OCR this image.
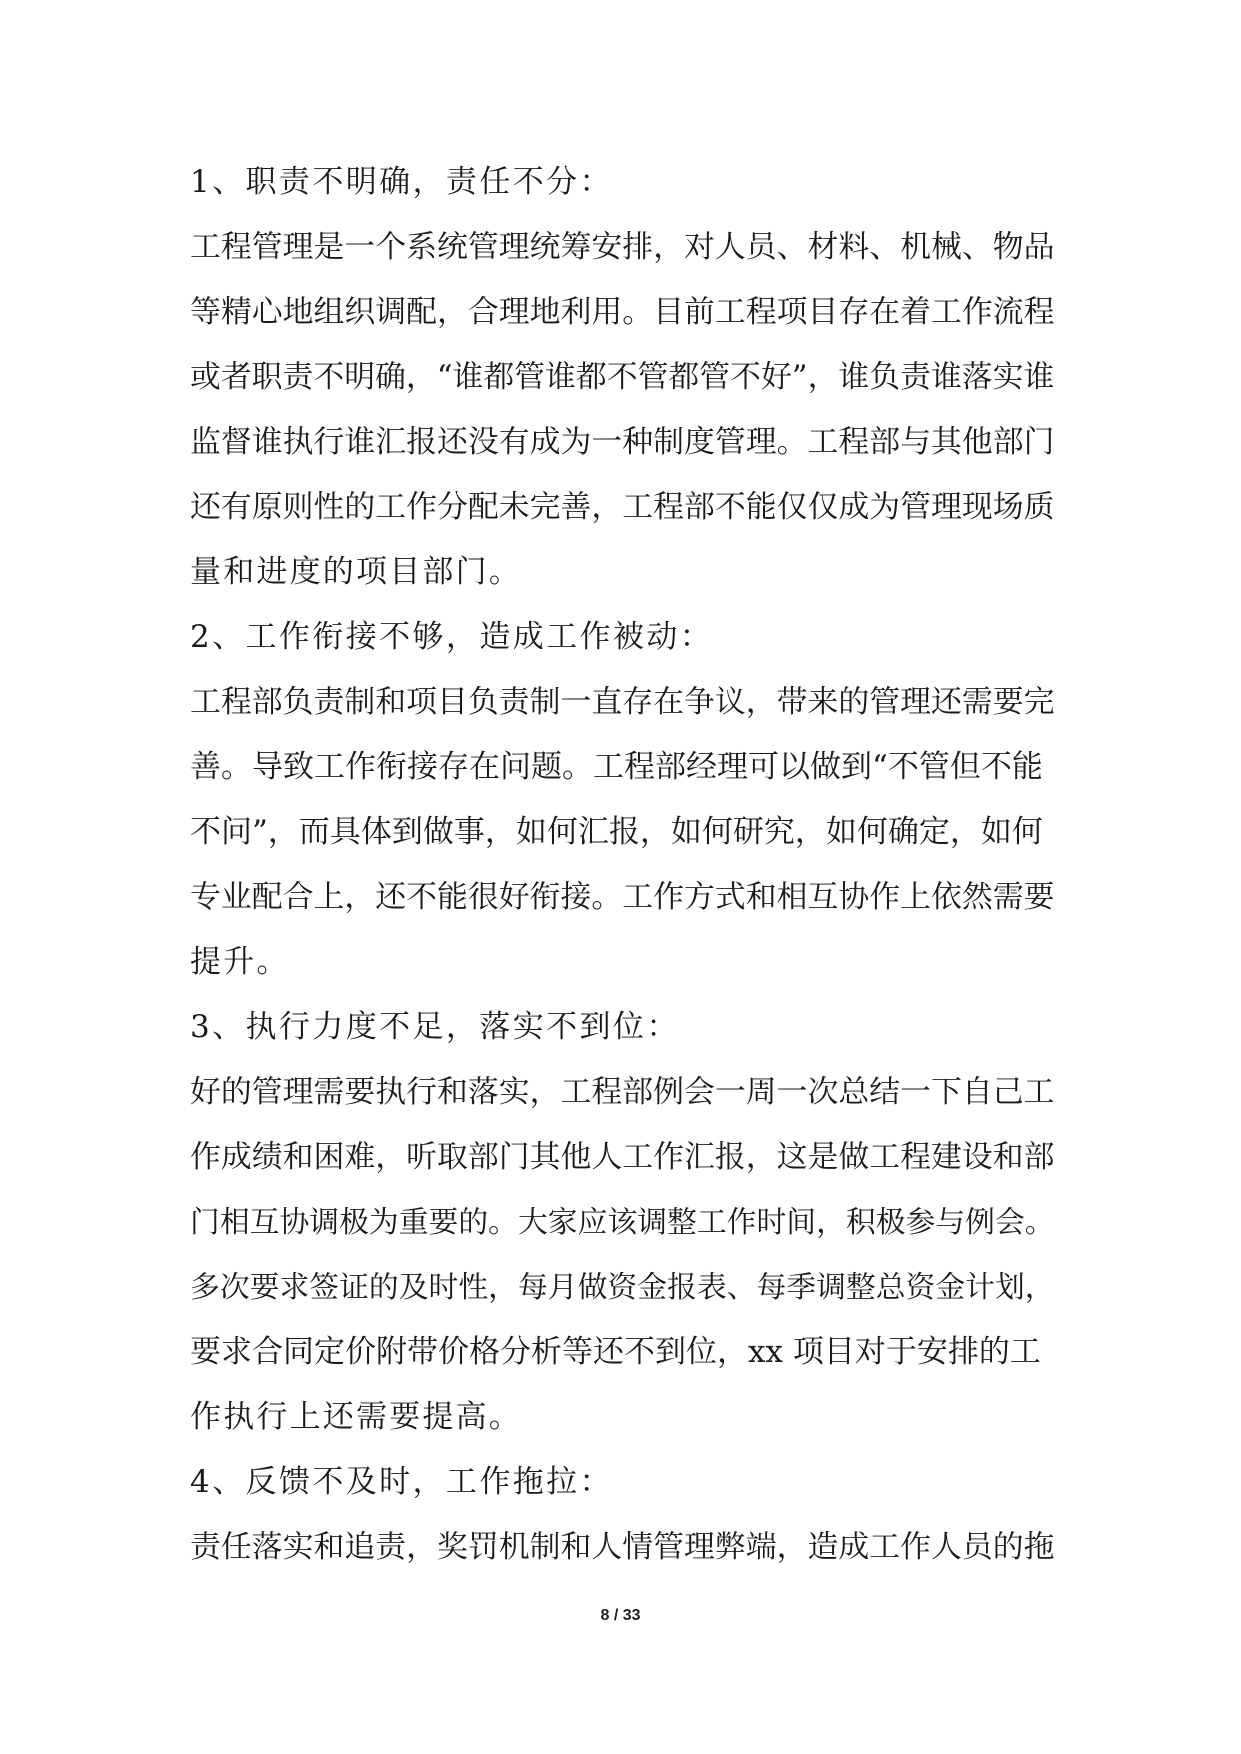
1、职责不明确，责任不分：
工程管理是一个系统管理统筹安排，对人员、材料、机械、物品
等精心地组织调配，合理地利用。目前工程项目存在着工作流程
或者职责不明确，“谁都管谁都不管都管不好”，谁负责谁落实谁
监督谁执行谁汇报还没有成为一种制度管理。工程部与其他部门
还有原则性的工作分配未完善，工程部不能仅仅成为管理现场质
量和进度的项目部门。
2、工作衔接不够，造成工作被动：
工程部负责制和项目负责制一直存在争议，带来的管理还需要完
善。导致工作衔接存在问题。工程部经理可以做到“不管但不能
不问”，而具体到做事，如何汇报，如何研究，如何确定，如何
专业配合上，还不能很好衔接。工作方式和相互协作上依然需要
提升。
3、执行力度不足，落实不到位：
好的管理需要执行和落实，工程部例会一周一次总结一下自己工
作成绩和困难，听取部门其他人工作汇报，这是做工程建设和部
门相互协调极为重要的。大家应该调整工作时间，积极参与例会。
多次要求签证的及时性，每月做资金报表、每季调整总资金计划，
要求合同定价附带价格分析等还不到位，xx 项目对于安排的工
作执行上还需要提高。
4、反馈不及时，工作拖拉：
责任落实和追责，奖罚机制和人情管理弊端，造成工作人员的拖
8 / 33
